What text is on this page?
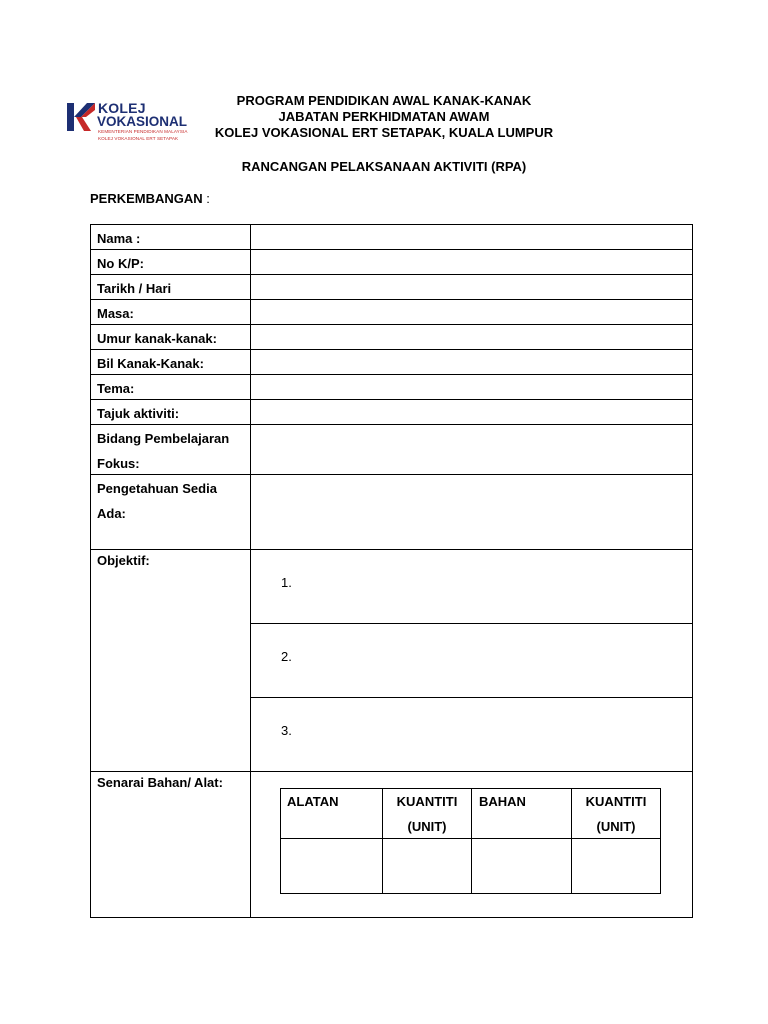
KOLEJ
VOKASIONAL
KEMENTERIAN PENDIDIKAN MALAYSIA
KOLEJ VOKASIONAL ERT SETAPAK
PROGRAM PENDIDIKAN AWAL KANAK-KANAK
JABATAN PERKHIDMATAN AWAM
KOLEJ VOKASIONAL ERT SETAPAK, KUALA LUMPUR
RANCANGAN PELAKSANAAN AKTIVITI (RPA)
PERKEMBANGAN :
Nama :
No K/P:
Tarikh / Hari
Masa:
Umur kanak-kanak:
Bil Kanak-Kanak:
Tema:
Tajuk aktiviti:
Bidang Pembelajaran
Fokus:
Pengetahuan Sedia
Ada:
Objektif:
1.
2.
3.
Senarai Bahan/ Alat:
ALATAN	KUANTITI
(UNIT)
BAHAN	KUANTITI
(UNIT)
